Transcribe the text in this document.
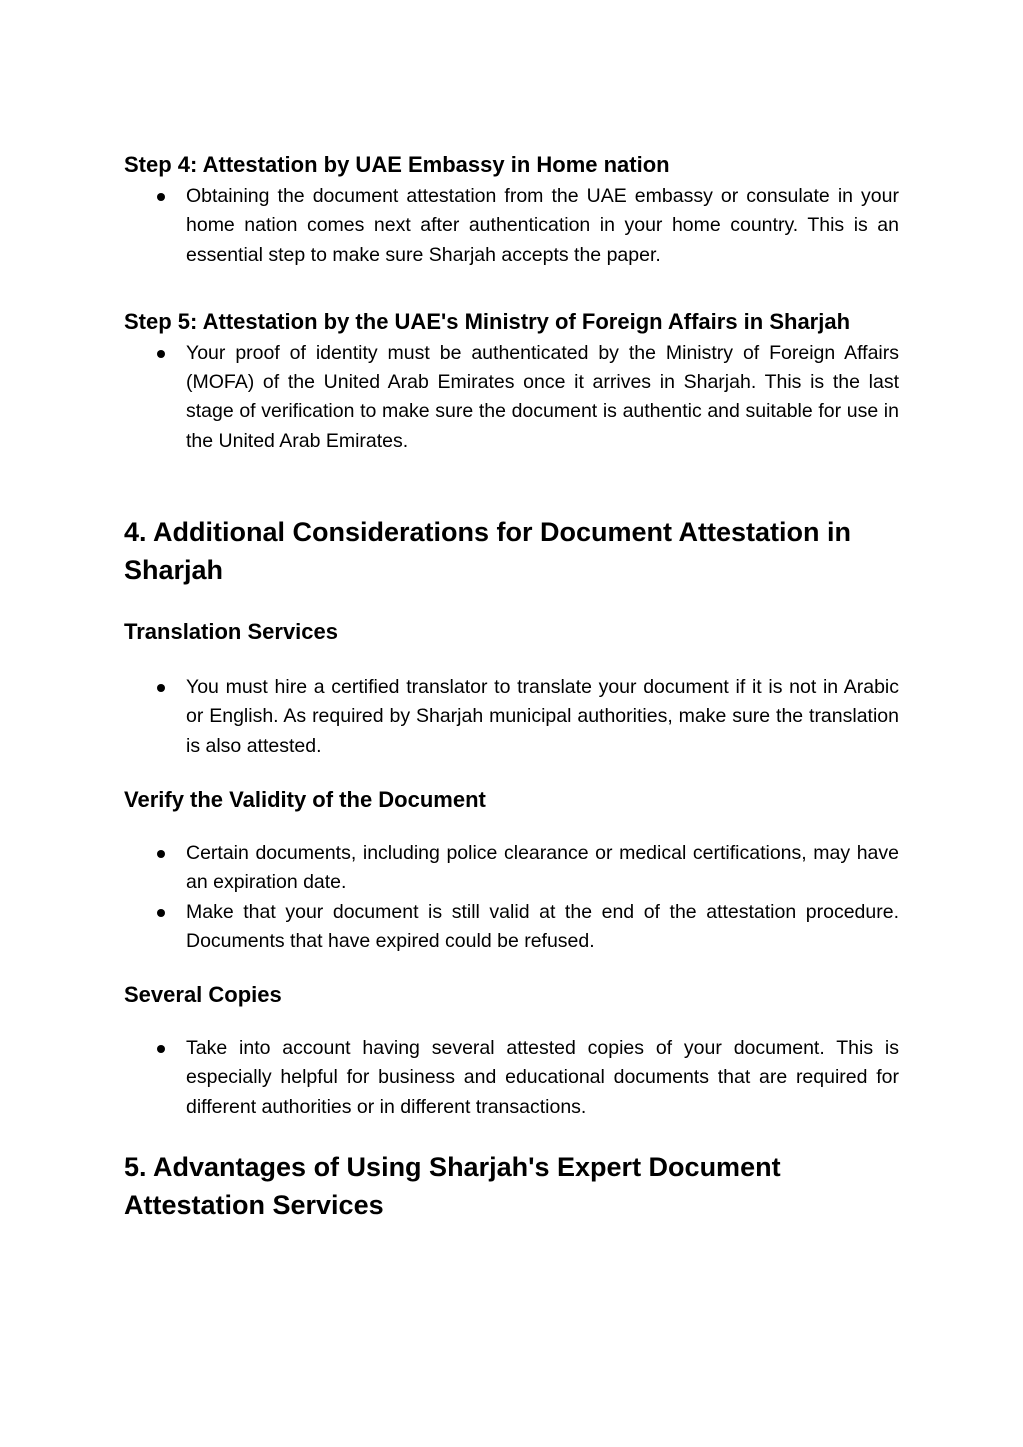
Step 4: Attestation by UAE Embassy in Home nation
Obtaining the document attestation from the UAE embassy or consulate in your home nation comes next after authentication in your home country. This is an essential step to make sure Sharjah accepts the paper.
Step 5: Attestation by the UAE's Ministry of Foreign Affairs in Sharjah
Your proof of identity must be authenticated by the Ministry of Foreign Affairs (MOFA) of the United Arab Emirates once it arrives in Sharjah. This is the last stage of verification to make sure the document is authentic and suitable for use in the United Arab Emirates.
4. Additional Considerations for Document Attestation in Sharjah
Translation Services
You must hire a certified translator to translate your document if it is not in Arabic or English. As required by Sharjah municipal authorities, make sure the translation is also attested.
Verify the Validity of the Document
Certain documents, including police clearance or medical certifications, may have an expiration date.
Make that your document is still valid at the end of the attestation procedure. Documents that have expired could be refused.
Several Copies
Take into account having several attested copies of your document. This is especially helpful for business and educational documents that are required for different authorities or in different transactions.
5. Advantages of Using Sharjah's Expert Document Attestation Services
